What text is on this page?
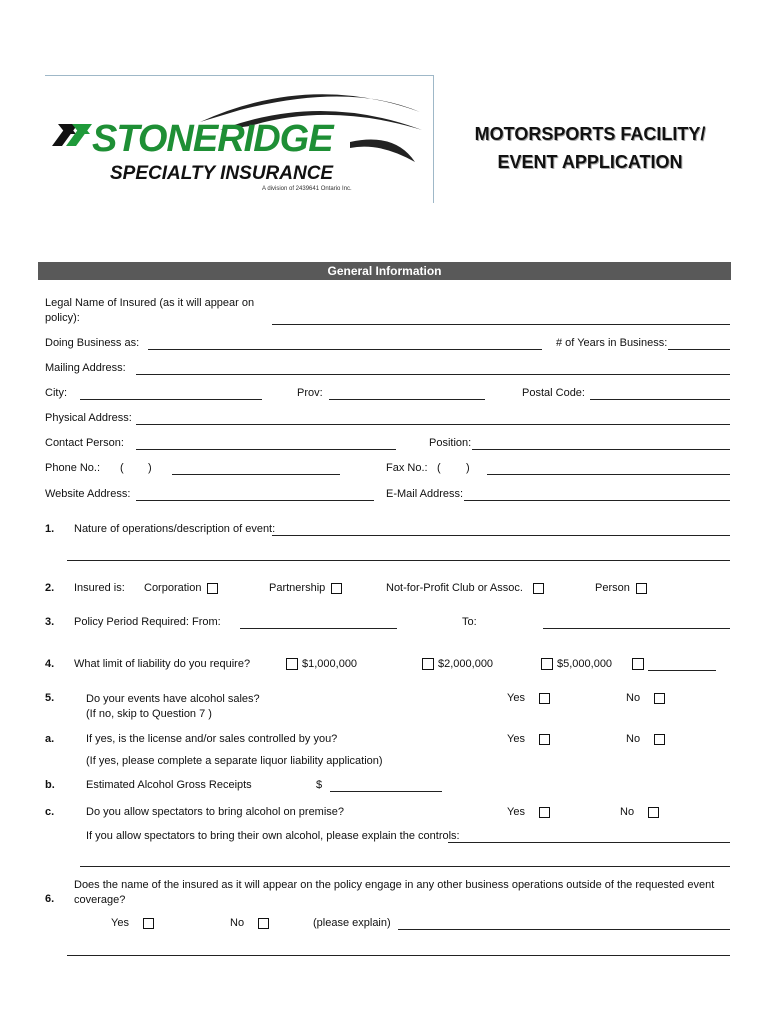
STONERIDGE
SPECIALTY INSURANCE
A division of 2439641 Ontario Inc.
MOTORSPORTS FACILITY/
EVENT APPLICATION
General Information
Legal Name of Insured (as it will appear on
policy):
Doing Business as:	# of Years in Business:
Mailing Address:
City:	Prov:	Postal Code:
Physical Address:
Contact Person:	Position:
Phone No.: ( )	Fax No.: ( )
Website Address:	E-Mail Address:
1. Nature of operations/description of event:
2. Insured is: Corporation	Partnership	Not-for-Profit Club or Assoc.	Person
3. Policy Period Required: From:	To:
4. What limit of liability do you require?	$1,000,000	$2,000,000	$5,000,000
5.	Do your events have alcohol sales?
(If no, skip to Question 7 )
Yes	No
a.	If yes, is the license and/or sales controlled by you?	Yes	No
(If yes, please complete a separate liquor liability application)
b.	Estimated Alcohol Gross Receipts	$
c.	Do you allow spectators to bring alcohol on premise?	Yes	No
If you allow spectators to bring their own alcohol, please explain the controls:
Does the name of the insured as it will appear on the policy engage in any other business operations outside of the requested event
coverage?
6.
Yes	No	(please explain)
